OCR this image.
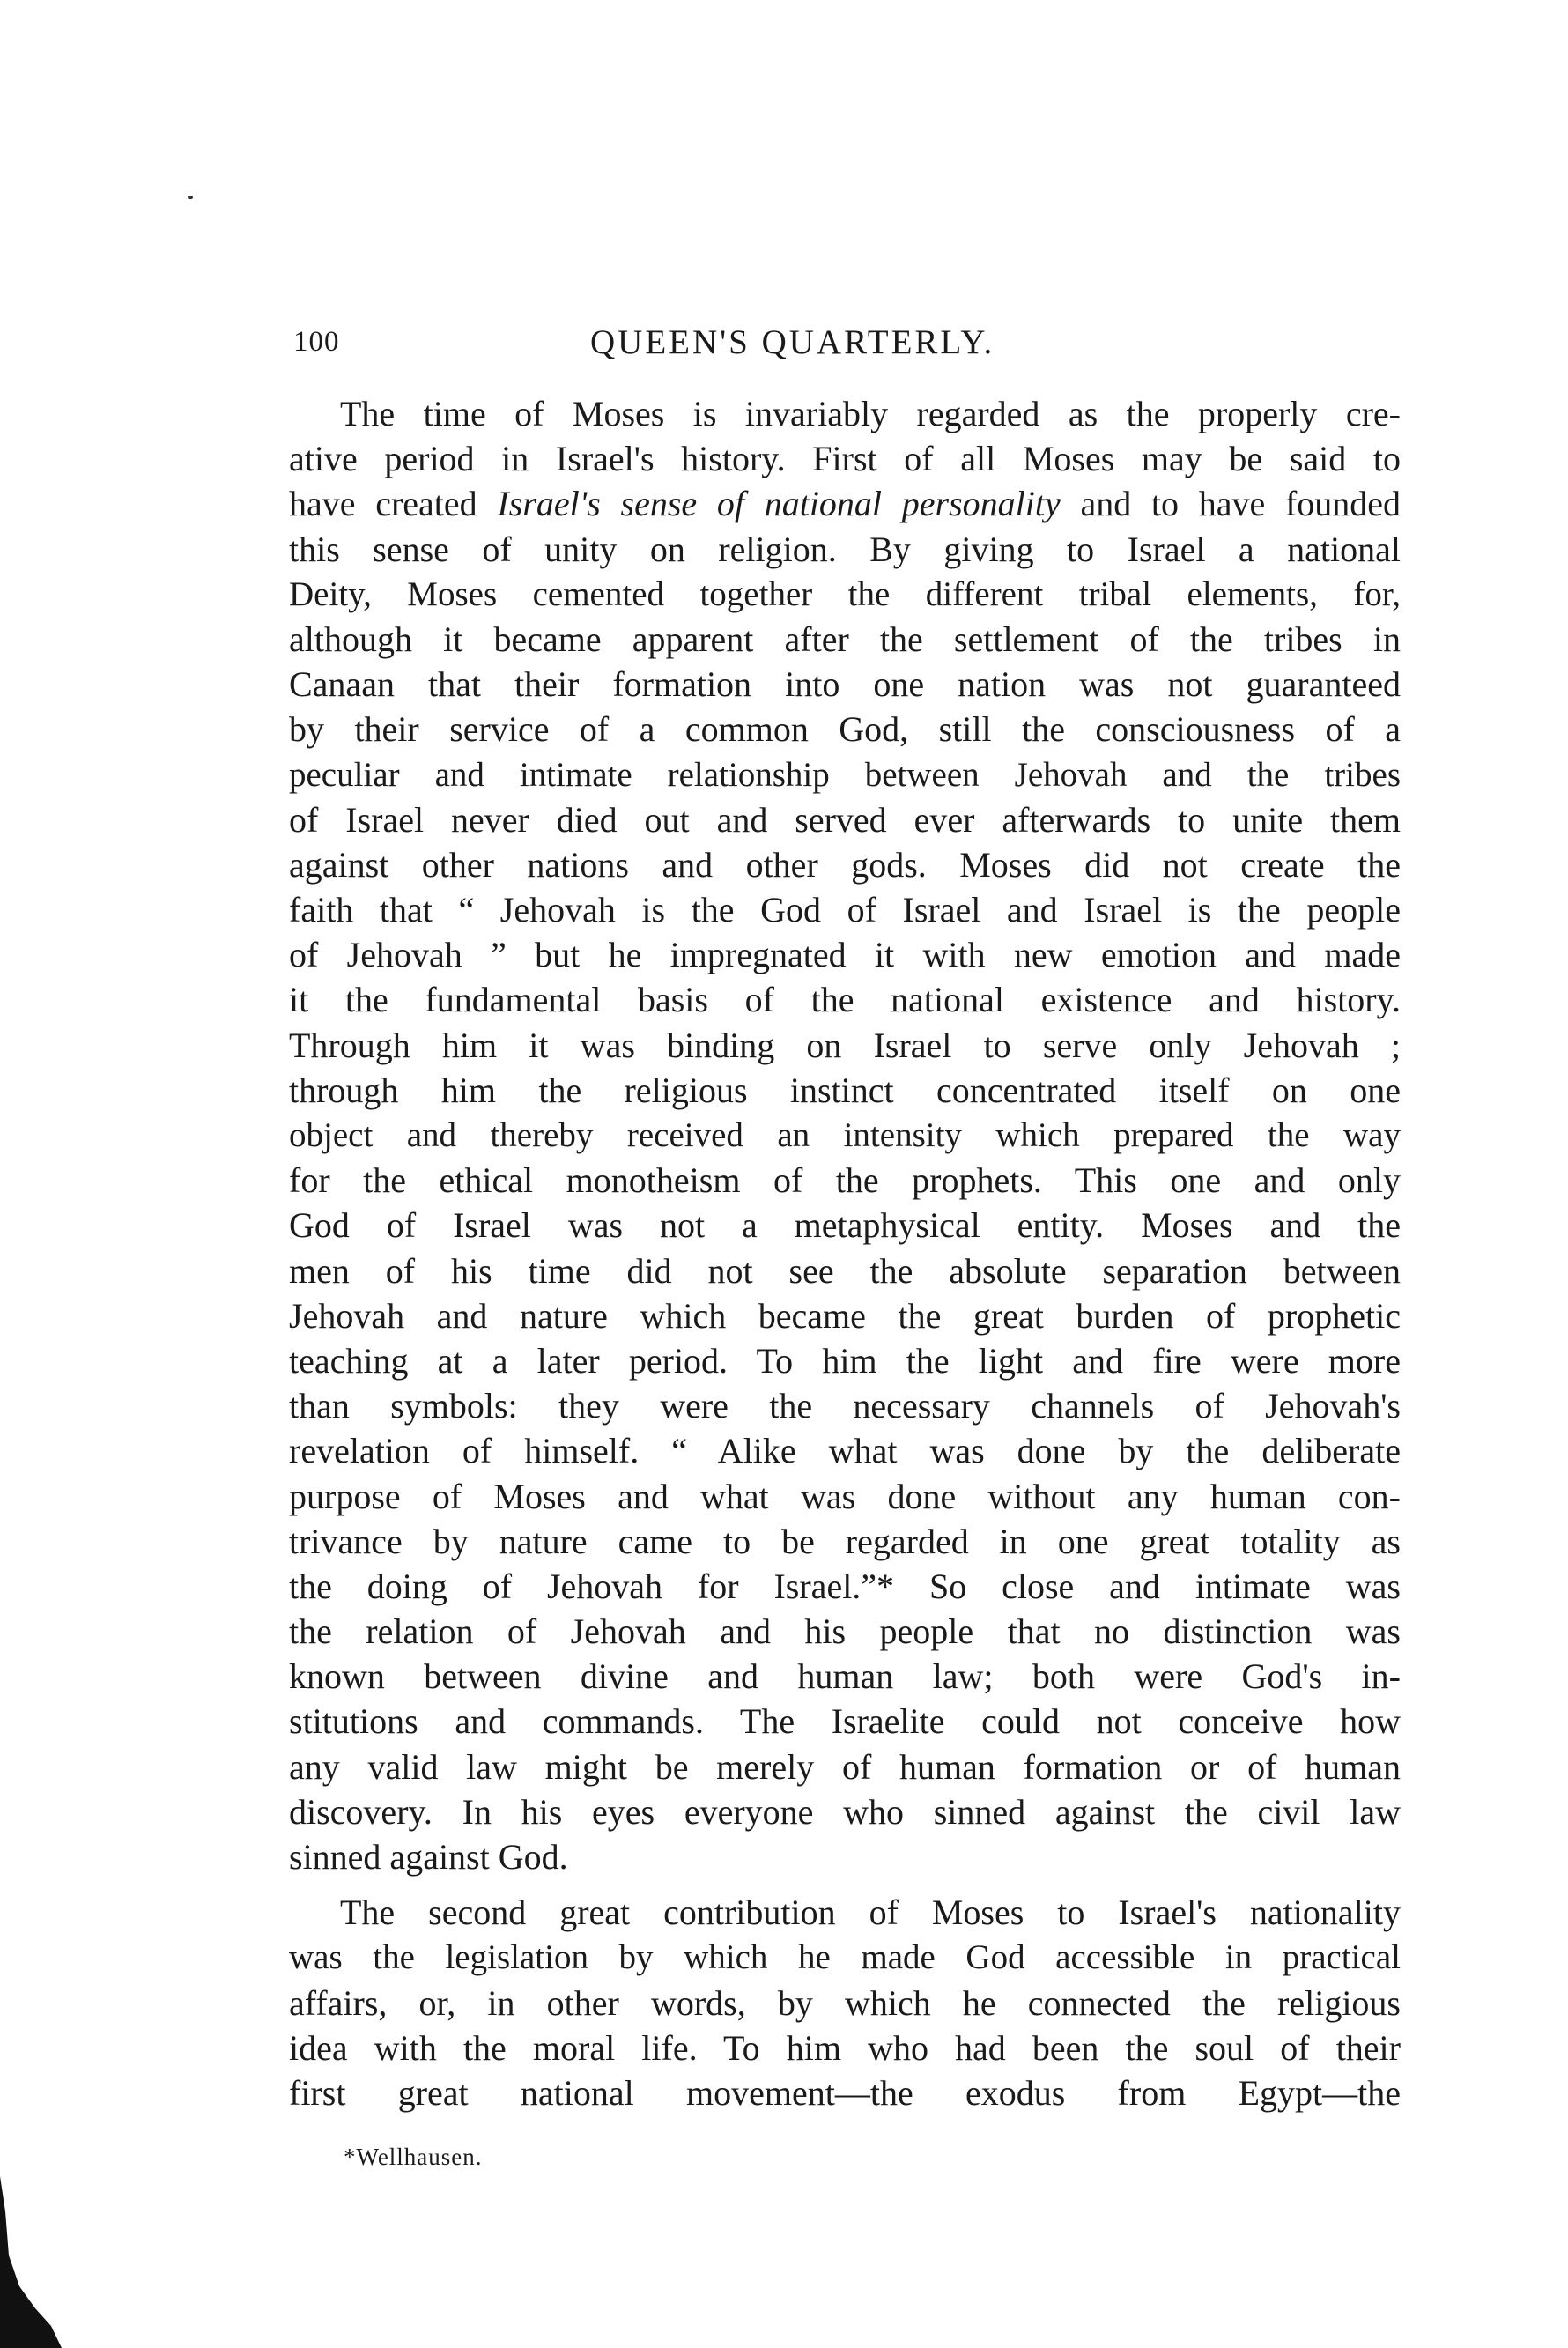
100	QUEEN'S QUARTERLY.
The time of Moses is invariably regarded as the properly cre-
ative period in Israel's history. First of all Moses may be said to
have created Israel's sense of national personality and to have founded
this sense of unity on religion. By giving to Israel a national
Deity, Moses cemented together the different tribal elements, for,
although it became apparent after the settlement of the tribes in
Canaan that their formation into one nation was not guaranteed
by their service of a common God, still the consciousness of a
peculiar and intimate relationship between Jehovah and the tribes
of Israel never died out and served ever afterwards to unite them
against other nations and other gods. Moses did not create the
faith that “ Jehovah is the God of Israel and Israel is the people
of Jehovah ” but he impregnated it with new emotion and made
it the fundamental basis of the national existence and history.
Through him it was binding on Israel to serve only Jehovah ;
through him the religious instinct concentrated itself on one
object and thereby received an intensity which prepared the way
for the ethical monotheism of the prophets. This one and only
God of Israel was not a metaphysical entity. Moses and the
men of his time did not see the absolute separation between
Jehovah and nature which became the great burden of prophetic
teaching at a later period. To him the light and fire were more
than symbols: they were the necessary channels of Jehovah's
revelation of himself. “ Alike what was done by the deliberate
purpose of Moses and what was done without any human con-
trivance by nature came to be regarded in one great totality as
the doing of Jehovah for Israel.”* So close and intimate was
the relation of Jehovah and his people that no distinction was
known between divine and human law; both were God's in-
stitutions and commands. The Israelite could not conceive how
any valid law might be merely of human formation or of human
discovery. In his eyes everyone who sinned against the civil law
sinned against God.
The second great contribution of Moses to Israel's nationality
was the legislation by which he made God accessible in practical
affairs, or, in other words, by which he connected the religious
idea with the moral life. To him who had been the soul of their
first great national movement—the exodus from Egypt—the
*Wellhausen.
